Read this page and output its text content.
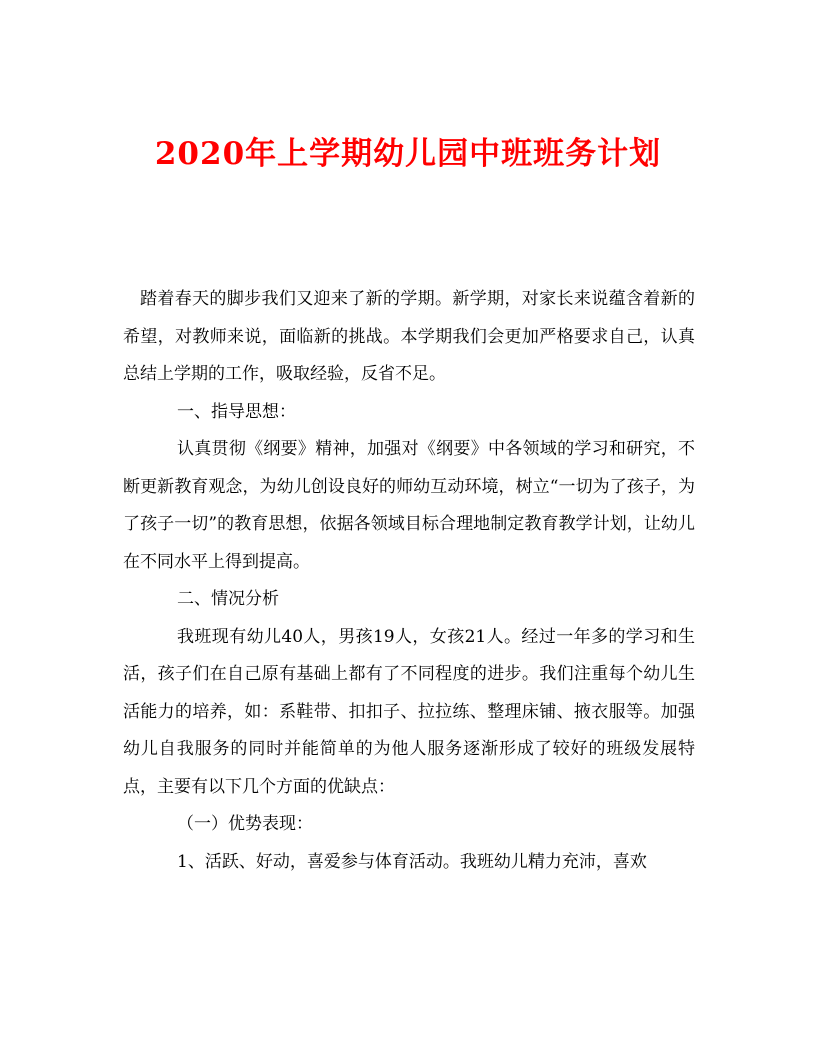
2020年上学期幼儿园中班班务计划

踏着春天的脚步我们又迎来了新的学期。新学期，对家长来说蕴含着新的希望，对教师来说，面临新的挑战。本学期我们会更加严格要求自己，认真总结上学期的工作，吸取经验，反省不足。

一、指导思想：

认真贯彻《纲要》精神，加强对《纲要》中各领域的学习和研究，不断更新教育观念，为幼儿创设良好的师幼互动环境，树立“一切为了孩子，为了孩子一切”的教育思想，依据各领域目标合理地制定教育教学计划，让幼儿在不同水平上得到提高。

二、情况分析

我班现有幼儿40人，男孩19人，女孩21人。经过一年多的学习和生活，孩子们在自己原有基础上都有了不同程度的进步。我们注重每个幼儿生活能力的培养，如：系鞋带、扣扣子、拉拉练、整理床铺、掖衣服等。加强幼儿自我服务的同时并能简单的为他人服务逐渐形成了较好的班级发展特点，主要有以下几个方面的优缺点：

（一）优势表现：

1、活跃、好动，喜爱参与体育活动。我班幼儿精力充沛，喜欢
